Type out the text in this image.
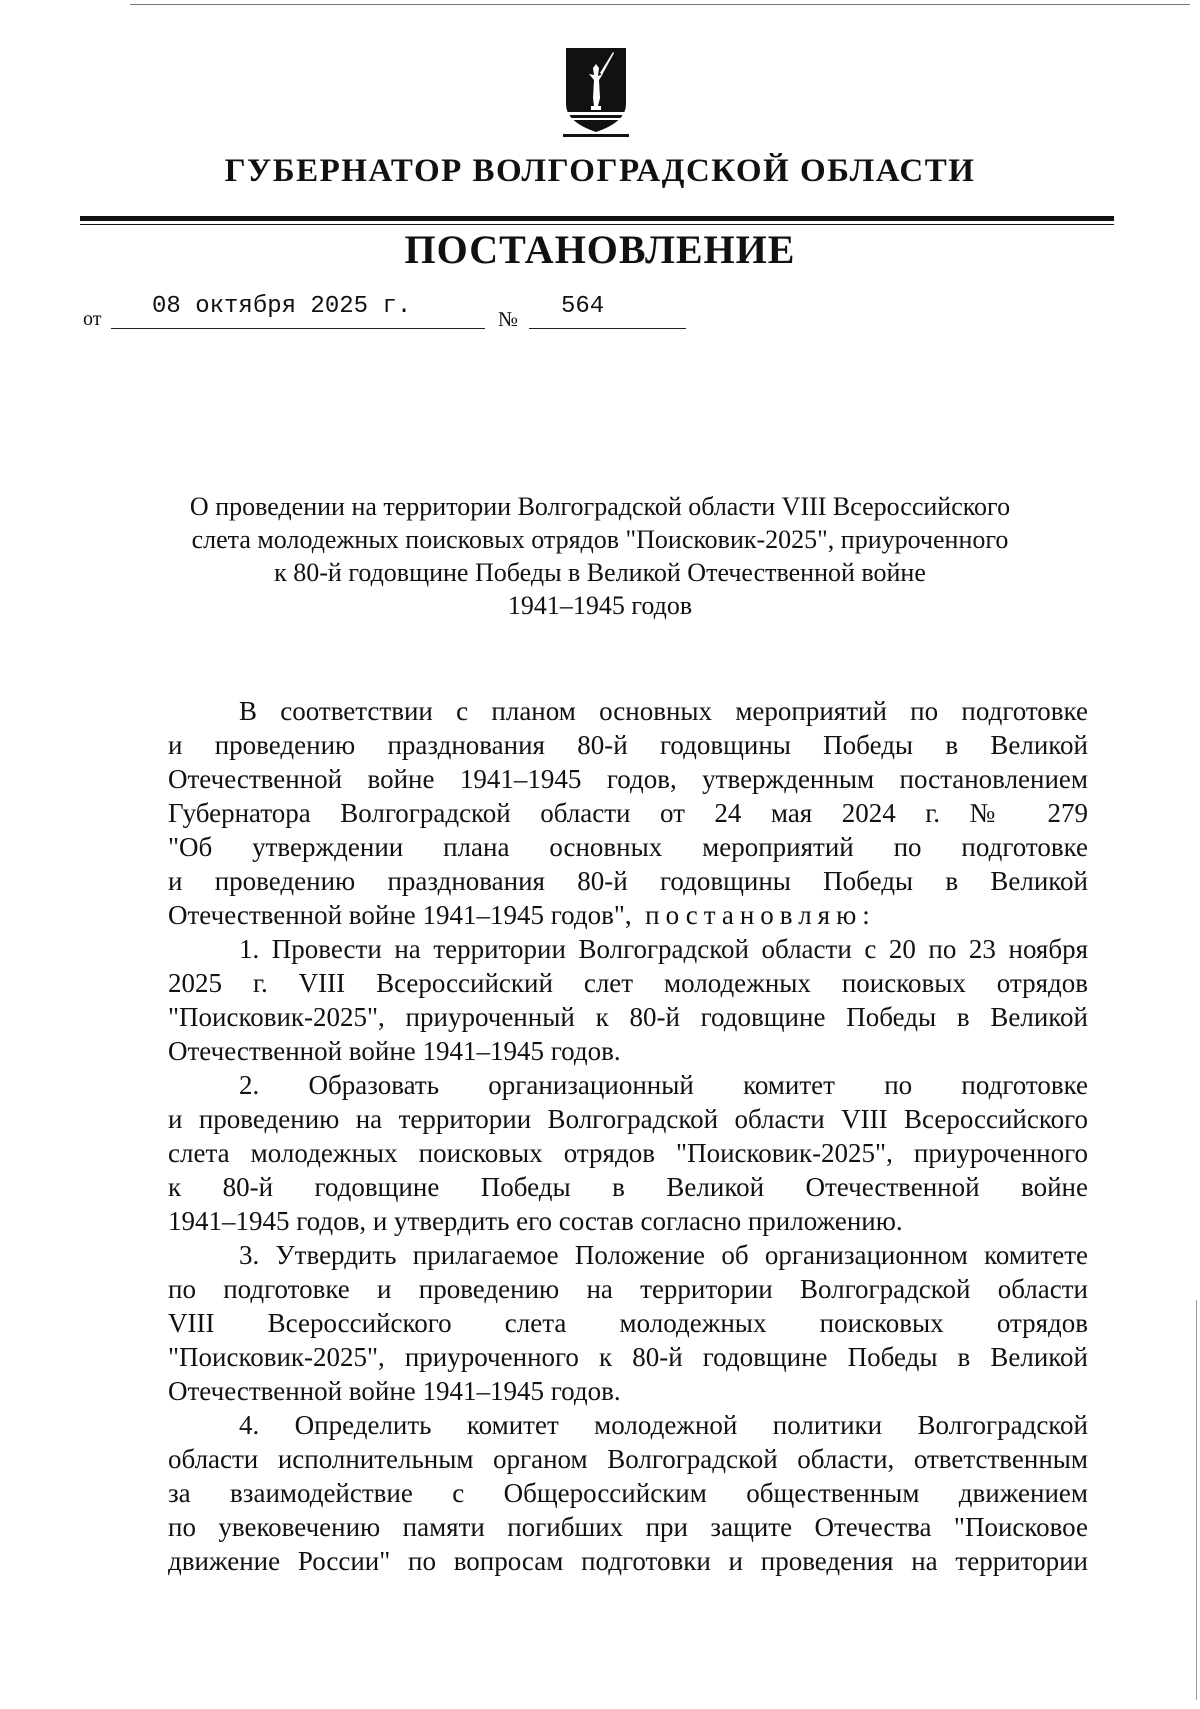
ГУБЕРНАТОР ВОЛГОГРАДСКОЙ ОБЛАСТИ
ПОСТАНОВЛЕНИЕ
от 08 октября 2025 г.	№ 564
О проведении на территории Волгоградской области VIII Всероссийского
слета молодежных поисковых отрядов "Поисковик-2025", приуроченного
к 80-й годовщине Победы в Великой Отечественной войне
1941–1945 годов
В соответствии с планом основных мероприятий по подготовке
и проведению празднования 80-й годовщины Победы в Великой
Отечественной войне 1941–1945 годов, утвержденным постановлением
Губернатора Волгоградской области от 24 мая 2024 г. № 279
"Об утверждении плана основных мероприятий по подготовке
и проведению празднования 80-й годовщины Победы в Великой
Отечественной войне 1941–1945 годов", постановляю:
1. Провести на территории Волгоградской области с 20 по 23 ноября
2025 г. VIII Всероссийский слет молодежных поисковых отрядов
"Поисковик-2025", приуроченный к 80-й годовщине Победы в Великой
Отечественной войне 1941–1945 годов.
2. Образовать организационный комитет по подготовке
и проведению на территории Волгоградской области VIII Всероссийского
слета молодежных поисковых отрядов "Поисковик-2025", приуроченного
к 80-й годовщине Победы в Великой Отечественной войне
1941–1945 годов, и утвердить его состав согласно приложению.
3. Утвердить прилагаемое Положение об организационном комитете
по подготовке и проведению на территории Волгоградской области
VIII Всероссийского слета молодежных поисковых отрядов
"Поисковик-2025", приуроченного к 80-й годовщине Победы в Великой
Отечественной войне 1941–1945 годов.
4. Определить комитет молодежной политики Волгоградской
области исполнительным органом Волгоградской области, ответственным
за взаимодействие с Общероссийским общественным движением
по увековечению памяти погибших при защите Отечества "Поисковое
движение России" по вопросам подготовки и проведения на территории
